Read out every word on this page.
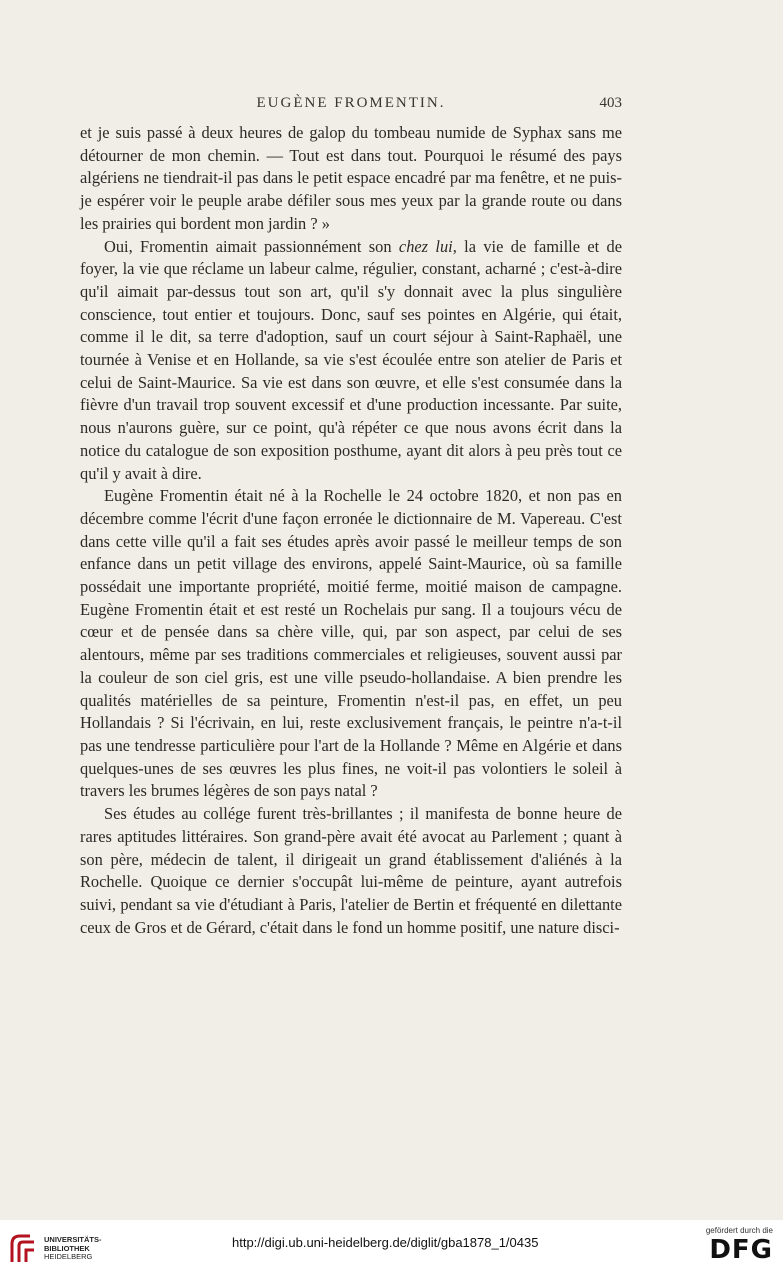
EUGÈNE FROMENTIN.	403

et je suis passé à deux heures de galop du tombeau numide de Syphax sans me détourner de mon chemin. — Tout est dans tout. Pourquoi le résumé des pays algériens ne tiendrait-il pas dans le petit espace encadré par ma fenêtre, et ne puis-je espérer voir le peuple arabe défiler sous mes yeux par la grande route ou dans les prairies qui bordent mon jardin ? »

Oui, Fromentin aimait passionnément son chez lui, la vie de famille et de foyer, la vie que réclame un labeur calme, régulier, constant, acharné ; c'est-à-dire qu'il aimait par-dessus tout son art, qu'il s'y donnait avec la plus singulière conscience, tout entier et toujours. Donc, sauf ses pointes en Algérie, qui était, comme il le dit, sa terre d'adoption, sauf un court séjour à Saint-Raphaël, une tournée à Venise et en Hollande, sa vie s'est écoulée entre son atelier de Paris et celui de Saint-Maurice. Sa vie est dans son œuvre, et elle s'est consumée dans la fièvre d'un travail trop souvent excessif et d'une production incessante. Par suite, nous n'aurons guère, sur ce point, qu'à répéter ce que nous avons écrit dans la notice du catalogue de son exposition posthume, ayant dit alors à peu près tout ce qu'il y avait à dire.

Eugène Fromentin était né à la Rochelle le 24 octobre 1820, et non pas en décembre comme l'écrit d'une façon erronée le dictionnaire de M. Vapereau. C'est dans cette ville qu'il a fait ses études après avoir passé le meilleur temps de son enfance dans un petit village des environs, appelé Saint-Maurice, où sa famille possédait une importante propriété, moitié ferme, moitié maison de campagne. Eugène Fromentin était et est resté un Rochelais pur sang. Il a toujours vécu de cœur et de pensée dans sa chère ville, qui, par son aspect, par celui de ses alentours, même par ses traditions commerciales et religieuses, souvent aussi par la couleur de son ciel gris, est une ville pseudo-hollandaise. A bien prendre les qualités matérielles de sa peinture, Fromentin n'est-il pas, en effet, un peu Hollandais ? Si l'écrivain, en lui, reste exclusivement français, le peintre n'a-t-il pas une tendresse particulière pour l'art de la Hollande ? Même en Algérie et dans quelques-unes de ses œuvres les plus fines, ne voit-il pas volontiers le soleil à travers les brumes légères de son pays natal ?

Ses études au collége furent très-brillantes ; il manifesta de bonne heure de rares aptitudes littéraires. Son grand-père avait été avocat au Parlement ; quant à son père, médecin de talent, il dirigeait un grand établissement d'aliénés à la Rochelle. Quoique ce dernier s'occupât lui-même de peinture, ayant autrefois suivi, pendant sa vie d'étudiant à Paris, l'atelier de Bertin et fréquenté en dilettante ceux de Gros et de Gérard, c'était dans le fond un homme positif, une nature disci-

UNIVERSITÄTS-
BIBLIOTHEK
HEIDELBERG
http://digi.ub.uni-heidelberg.de/diglit/gba1878_1/0435
gefördert durch die
DFG
